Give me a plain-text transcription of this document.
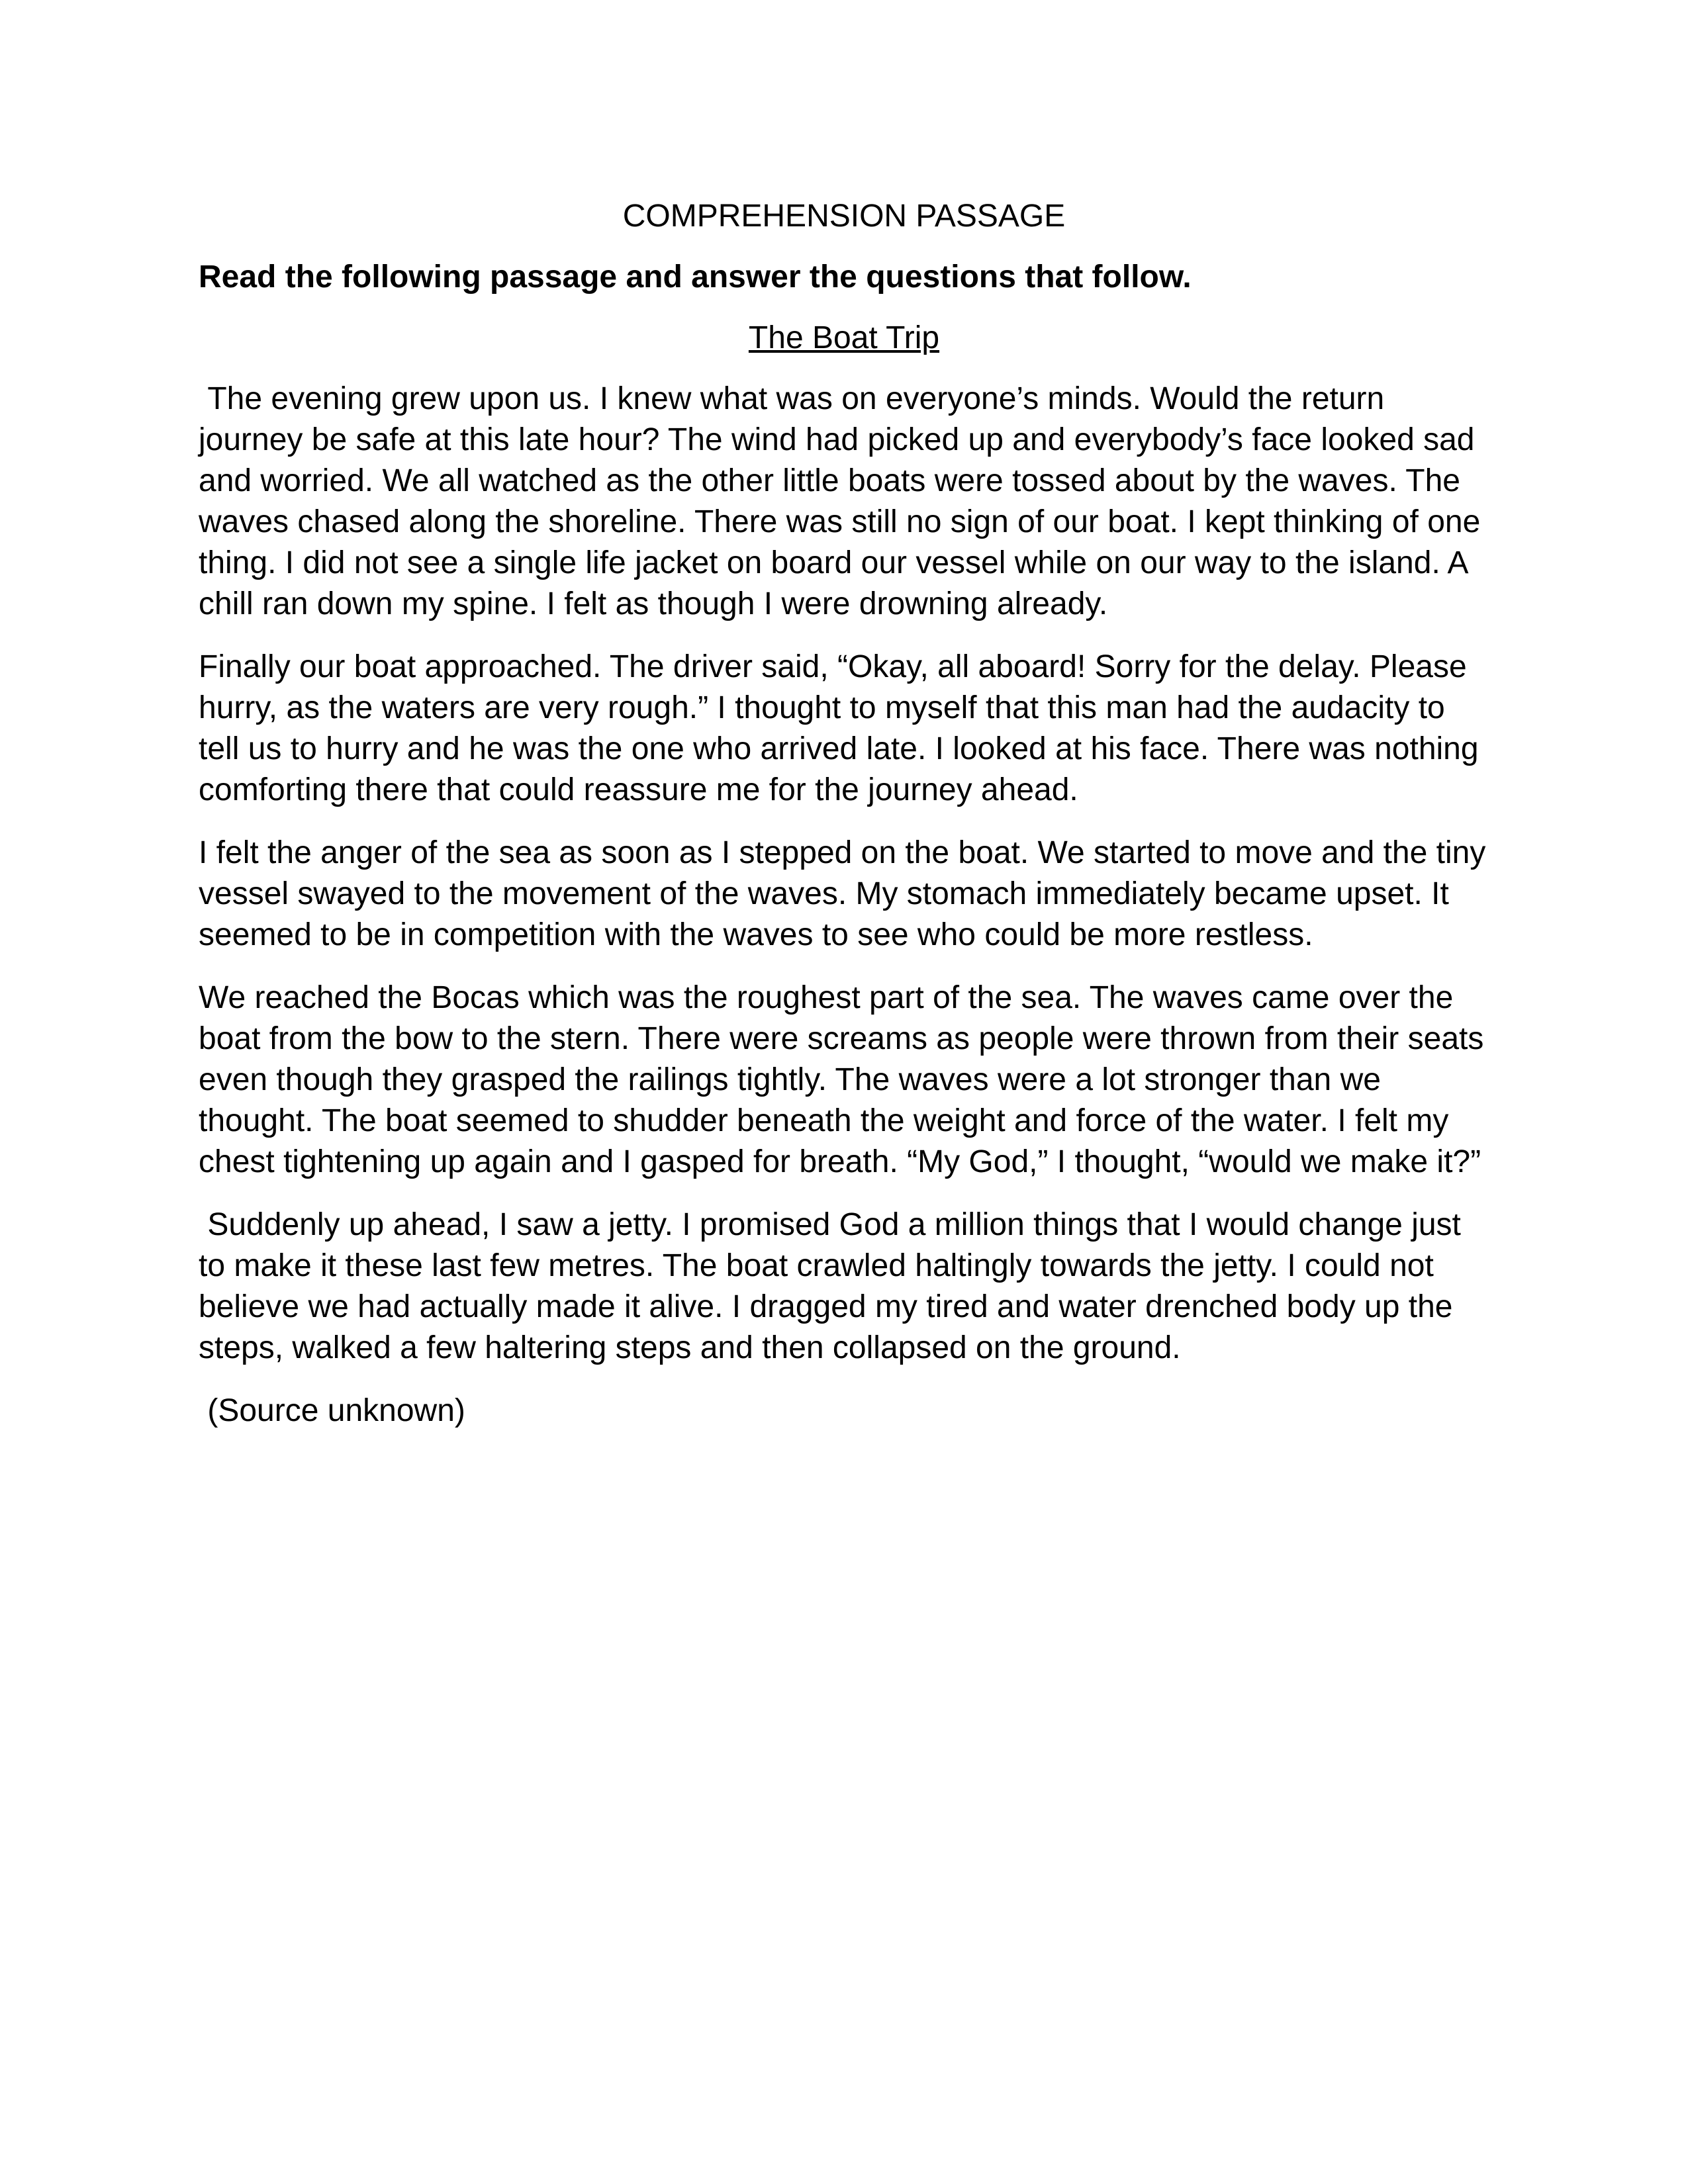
COMPREHENSION PASSAGE
Read the following passage and answer the questions that follow.
The Boat Trip

The evening grew upon us. I knew what was on everyone’s minds. Would the return journey be safe at this late hour? The wind had picked up and everybody’s face looked sad and worried. We all watched as the other little boats were tossed about by the waves. The waves chased along the shoreline. There was still no sign of our boat. I kept thinking of one thing. I did not see a single life jacket on board our vessel while on our way to the island. A chill ran down my spine. I felt as though I were drowning already.

Finally our boat approached. The driver said, “Okay, all aboard! Sorry for the delay. Please hurry, as the waters are very rough.” I thought to myself that this man had the audacity to tell us to hurry and he was the one who arrived late. I looked at his face. There was nothing comforting there that could reassure me for the journey ahead.

I felt the anger of the sea as soon as I stepped on the boat. We started to move and the tiny vessel swayed to the movement of the waves. My stomach immediately became upset. It seemed to be in competition with the waves to see who could be more restless.

We reached the Bocas which was the roughest part of the sea. The waves came over the boat from the bow to the stern. There were screams as people were thrown from their seats even though they grasped the railings tightly. The waves were a lot stronger than we thought. The boat seemed to shudder beneath the weight and force of the water. I felt my chest tightening up again and I gasped for breath. “My God,” I thought, “would we make it?”

Suddenly up ahead, I saw a jetty. I promised God a million things that I would change just to make it these last few metres. The boat crawled haltingly towards the jetty. I could not believe we had actually made it alive. I dragged my tired and water drenched body up the steps, walked a few haltering steps and then collapsed on the ground.

(Source unknown)
